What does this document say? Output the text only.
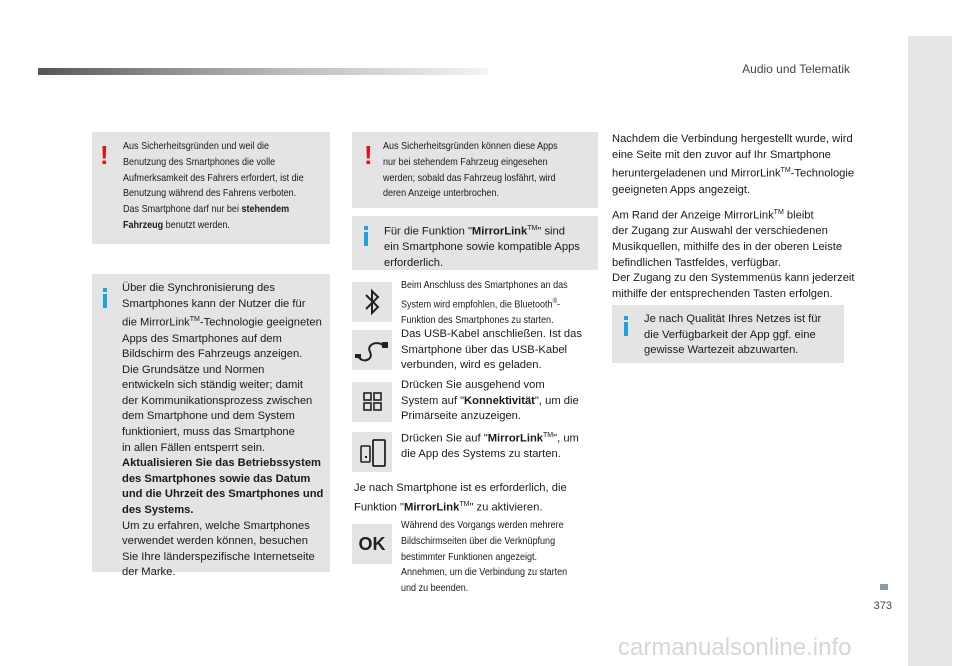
Audio und Telematik
373
! Aus Sicherheitsgründen und weil die
Benutzung des Smartphones die volle
Aufmerksamkeit des Fahrers erfordert, ist die
Benutzung während des Fahrens verboten.
Das Smartphone darf nur bei stehendem
Fahrzeug benutzt werden.
Über die Synchronisierung des
Smartphones kann der Nutzer die für
die MirrorLink™-Technologie geeigneten
Apps des Smartphones auf dem
Bildschirm des Fahrzeugs anzeigen.
Die Grundsätze und Normen
entwickeln sich ständig weiter; damit
der Kommunikationsprozess zwischen
dem Smartphone und dem System
funktioniert, muss das Smartphone
in allen Fällen entsperrt sein.
Aktualisieren Sie das Betriebssystem
des Smartphones sowie das Datum
und die Uhrzeit des Smartphones und
des Systems.
Um zu erfahren, welche Smartphones
verwendet werden können, besuchen
Sie Ihre länderspezifische Internetseite
der Marke.
! Aus Sicherheitsgründen können diese Apps
nur bei stehendem Fahrzeug eingesehen
werden; sobald das Fahrzeug losfährt, wird
deren Anzeige unterbrochen.
Für die Funktion "MirrorLink™" sind
ein Smartphone sowie kompatible Apps
erforderlich.
Beim Anschluss des Smartphones an das
System wird empfohlen, die Bluetooth®-
Funktion des Smartphones zu starten.
Das USB-Kabel anschließen. Ist das
Smartphone über das USB-Kabel
verbunden, wird es geladen.
Drücken Sie ausgehend vom
System auf "Konnektivität", um die
Primärseite anzuzeigen.
Drücken Sie auf "MirrorLink™", um
die App des Systems zu starten.
Je nach Smartphone ist es erforderlich, die
Funktion "MirrorLink™" zu aktivieren.
OK
Während des Vorgangs werden mehrere
Bildschirmseiten über die Verknüpfung
bestimmter Funktionen angezeigt.
Annehmen, um die Verbindung zu starten
und zu beenden.
Nachdem die Verbindung hergestellt wurde, wird
eine Seite mit den zuvor auf Ihr Smartphone
heruntergeladenen und MirrorLink™-Technologie
geeigneten Apps angezeigt.
Am Rand der Anzeige MirrorLink™ bleibt
der Zugang zur Auswahl der verschiedenen
Musikquellen, mithilfe des in der oberen Leiste
befindlichen Tastfeldes, verfügbar.
Der Zugang zu den Systemmenüs kann jederzeit
mithilfe der entsprechenden Tasten erfolgen.
Je nach Qualität Ihres Netzes ist für
die Verfügbarkeit der App ggf. eine
gewisse Wartezeit abzuwarten.
carmanualsonline.info
